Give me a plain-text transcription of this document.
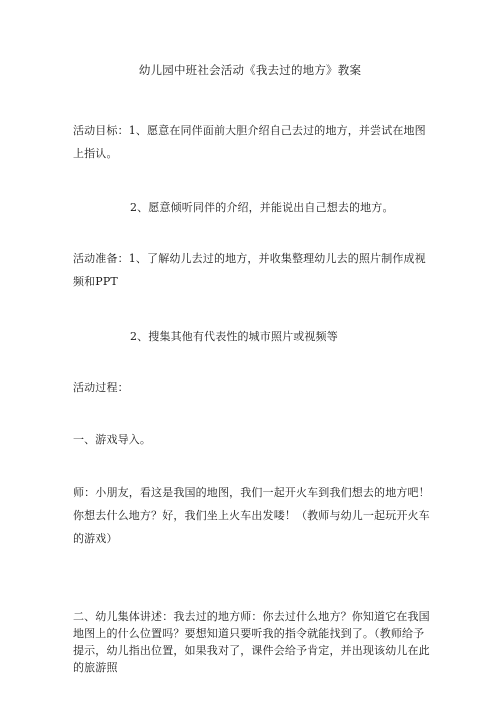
幼儿园中班社会活动《我去过的地方》教案
活动目标：1、愿意在同伴面前大胆介绍自己去过的地方，并尝试在地图上指认。
2、愿意倾听同伴的介绍，并能说出自己想去的地方。
活动准备：1、了解幼儿去过的地方，并收集整理幼儿去的照片制作成视频和PPT
2、搜集其他有代表性的城市照片或视频等
活动过程：
一、游戏导入。
师：小朋友，看这是我国的地图，我们一起开火车到我们想去的地方吧！你想去什么地方？好，我们坐上火车出发喽！（教师与幼儿一起玩开火车的游戏）
二、幼儿集体讲述：我去过的地方师：你去过什么地方？你知道它在我国地图上的什么位置吗？要想知道只要听我的指令就能找到了。（教师给予提示，幼儿指出位置，如果我对了，课件会给予肯定，并出现该幼儿在此的旅游照
